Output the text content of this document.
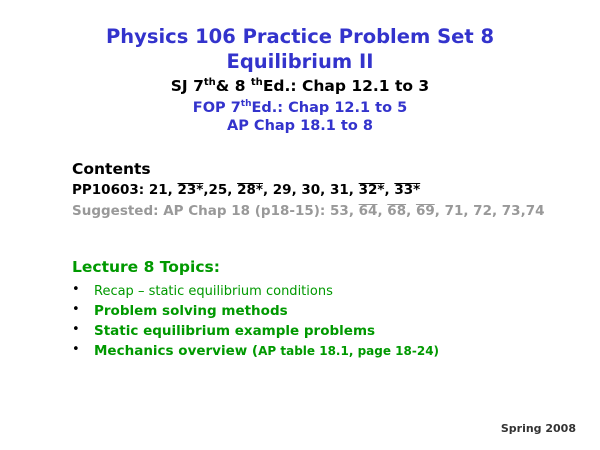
Physics 106 Practice Problem Set 8
Equilibrium II
SJ 7th& 8 $^{th}$Ed.: Chap 12.1 to 3
FOP 7thEd.: Chap 12.1 to 5
AP Chap 18.1 to 8
Contents
PP10603: 21, 23*,25, 28*, 29, 30, 31, 32*, 33*
Suggested: AP Chap 18 (p18-15): 53, 64, 68, 69, 71, 72, 73,74
Lecture 8 Topics:
• Recap – static equilibrium conditions
• Problem solving methods
• Static equilibrium example problems
• Mechanics overview (AP table 18.1, page 18-24)
Spring 2008
